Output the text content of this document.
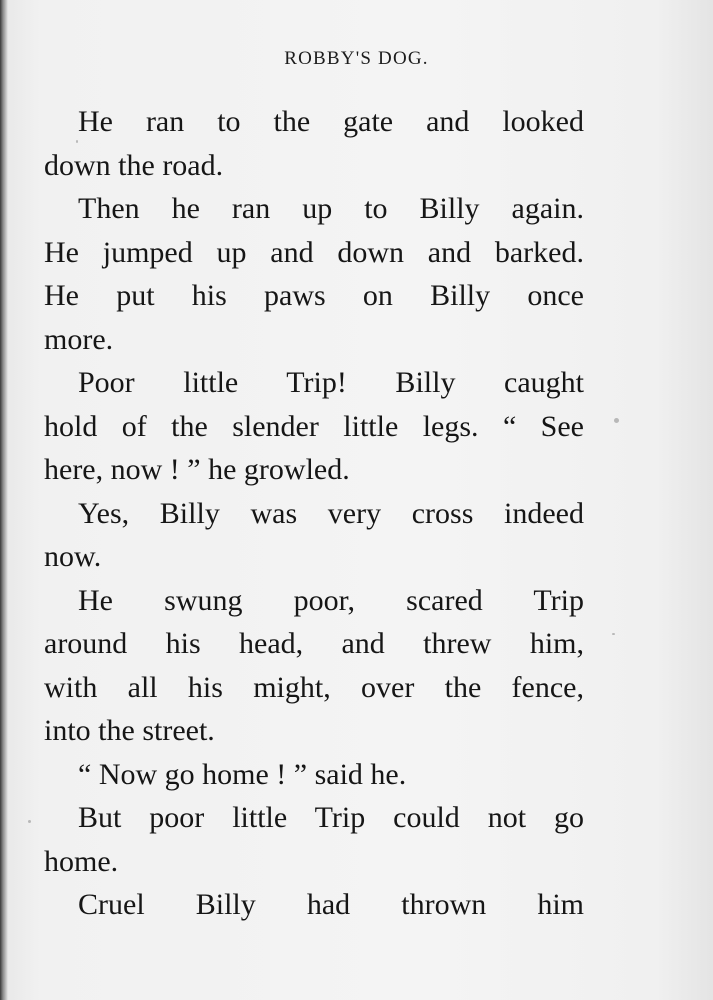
ROBBY'S DOG.
He ran to the gate and looked
down the road.
Then he ran up to Billy again.
He jumped up and down and barked.
He put his paws on Billy once
more.
Poor little Trip! Billy caught
hold of the slender little legs. “ See
here, now ! ” he growled.
Yes, Billy was very cross indeed
now.
He swung poor, scared Trip
around his head, and threw him,
with all his might, over the fence,
into the street.
“ Now go home ! ” said he.
But poor little Trip could not go
home.
Cruel Billy had thrown him
